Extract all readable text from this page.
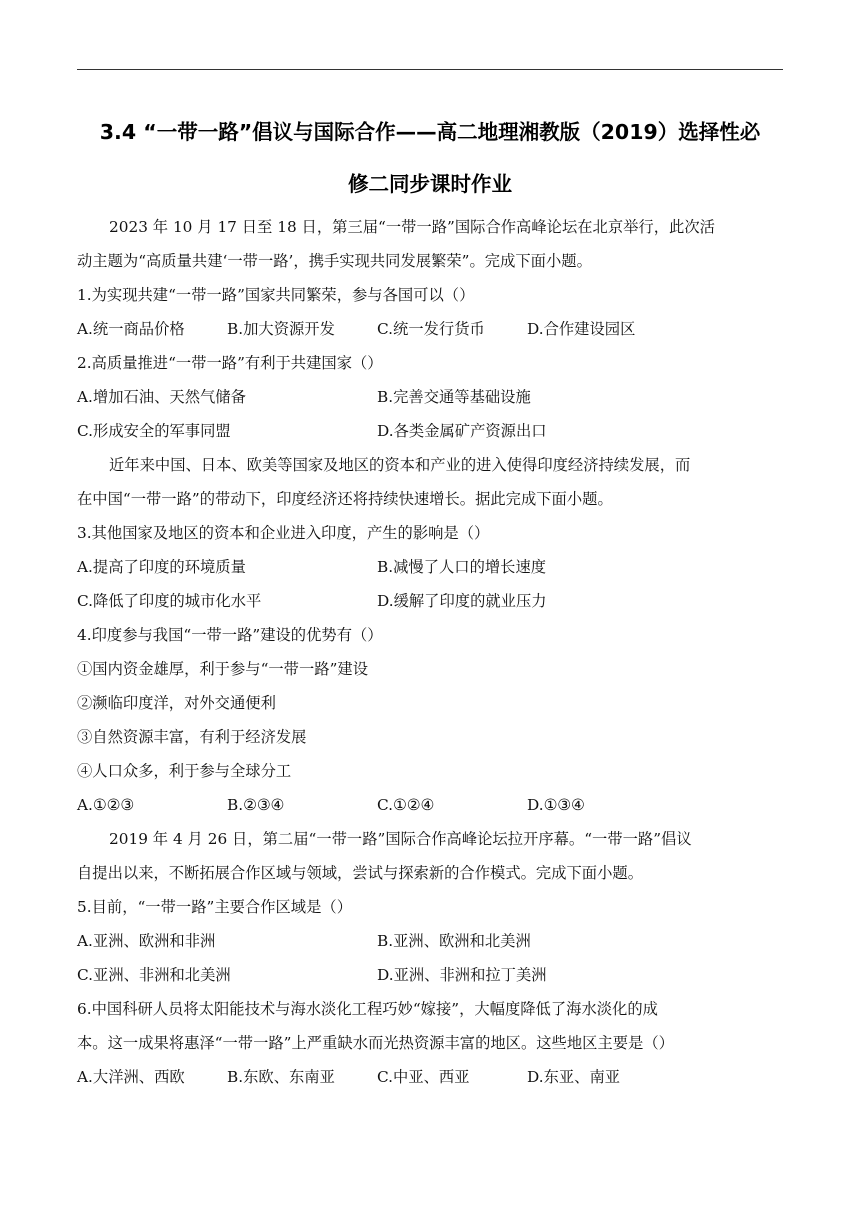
3.4 “一带一路”倡议与国际合作——高二地理湘教版（2019）选择性必
修二同步课时作业
2023 年 10 月 17 日至 18 日，第三届“一带一路”国际合作高峰论坛在北京举行，此次活
动主题为“高质量共建‘一带一路’，携手实现共同发展繁荣”。完成下面小题。
1.为实现共建“一带一路”国家共同繁荣，参与各国可以（）
A.统一商品价格	B.加大资源开发	C.统一发行货币	D.合作建设园区
2.高质量推进“一带一路”有利于共建国家（）
A.增加石油、天然气储备	B.完善交通等基础设施
C.形成安全的军事同盟	D.各类金属矿产资源出口
近年来中国、日本、欧美等国家及地区的资本和产业的进入使得印度经济持续发展，而
在中国“一带一路”的带动下，印度经济还将持续快速增长。据此完成下面小题。
3.其他国家及地区的资本和企业进入印度，产生的影响是（）
A.提高了印度的环境质量	B.减慢了人口的增长速度
C.降低了印度的城市化水平	D.缓解了印度的就业压力
4.印度参与我国“一带一路”建设的优势有（）
①国内资金雄厚，利于参与“一带一路”建设
②濒临印度洋，对外交通便利
③自然资源丰富，有利于经济发展
④人口众多，利于参与全球分工
A.①②③	B.②③④	C.①②④	D.①③④
2019 年 4 月 26 日，第二届“一带一路”国际合作高峰论坛拉开序幕。“一带一路”倡议
自提出以来，不断拓展合作区域与领域，尝试与探索新的合作模式。完成下面小题。
5.目前，“一带一路”主要合作区域是（）
A.亚洲、欧洲和非洲	B.亚洲、欧洲和北美洲
C.亚洲、非洲和北美洲	D.亚洲、非洲和拉丁美洲
6.中国科研人员将太阳能技术与海水淡化工程巧妙“嫁接”，大幅度降低了海水淡化的成
本。这一成果将惠泽“一带一路”上严重缺水而光热资源丰富的地区。这些地区主要是（）
A.大洋洲、西欧	B.东欧、东南亚	C.中亚、西亚	D.东亚、南亚
